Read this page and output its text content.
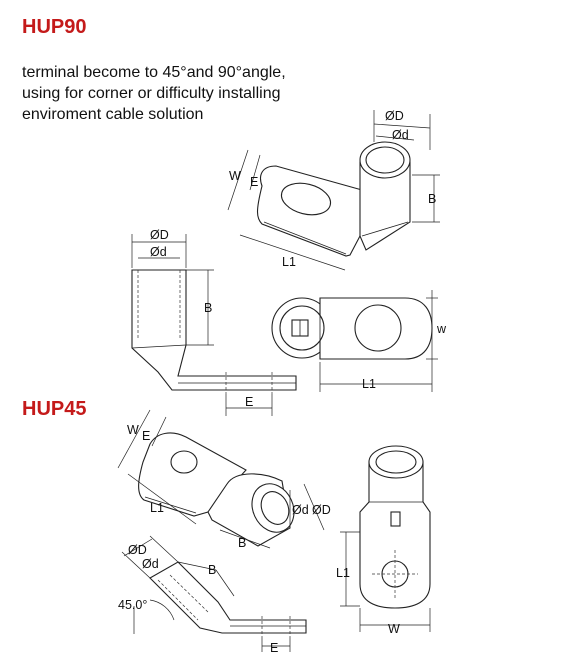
HUP90

terminal become to 45°and 90°angle,
using for corner or difficulty installing
enviroment cable solution

HUP45
ØD
Ød
B
W E
L1
ØD
Ød
B
E
w
L1
W E
L1	Ød ØD
B
ØD
Ød	B
45.0°
E
L1
W
